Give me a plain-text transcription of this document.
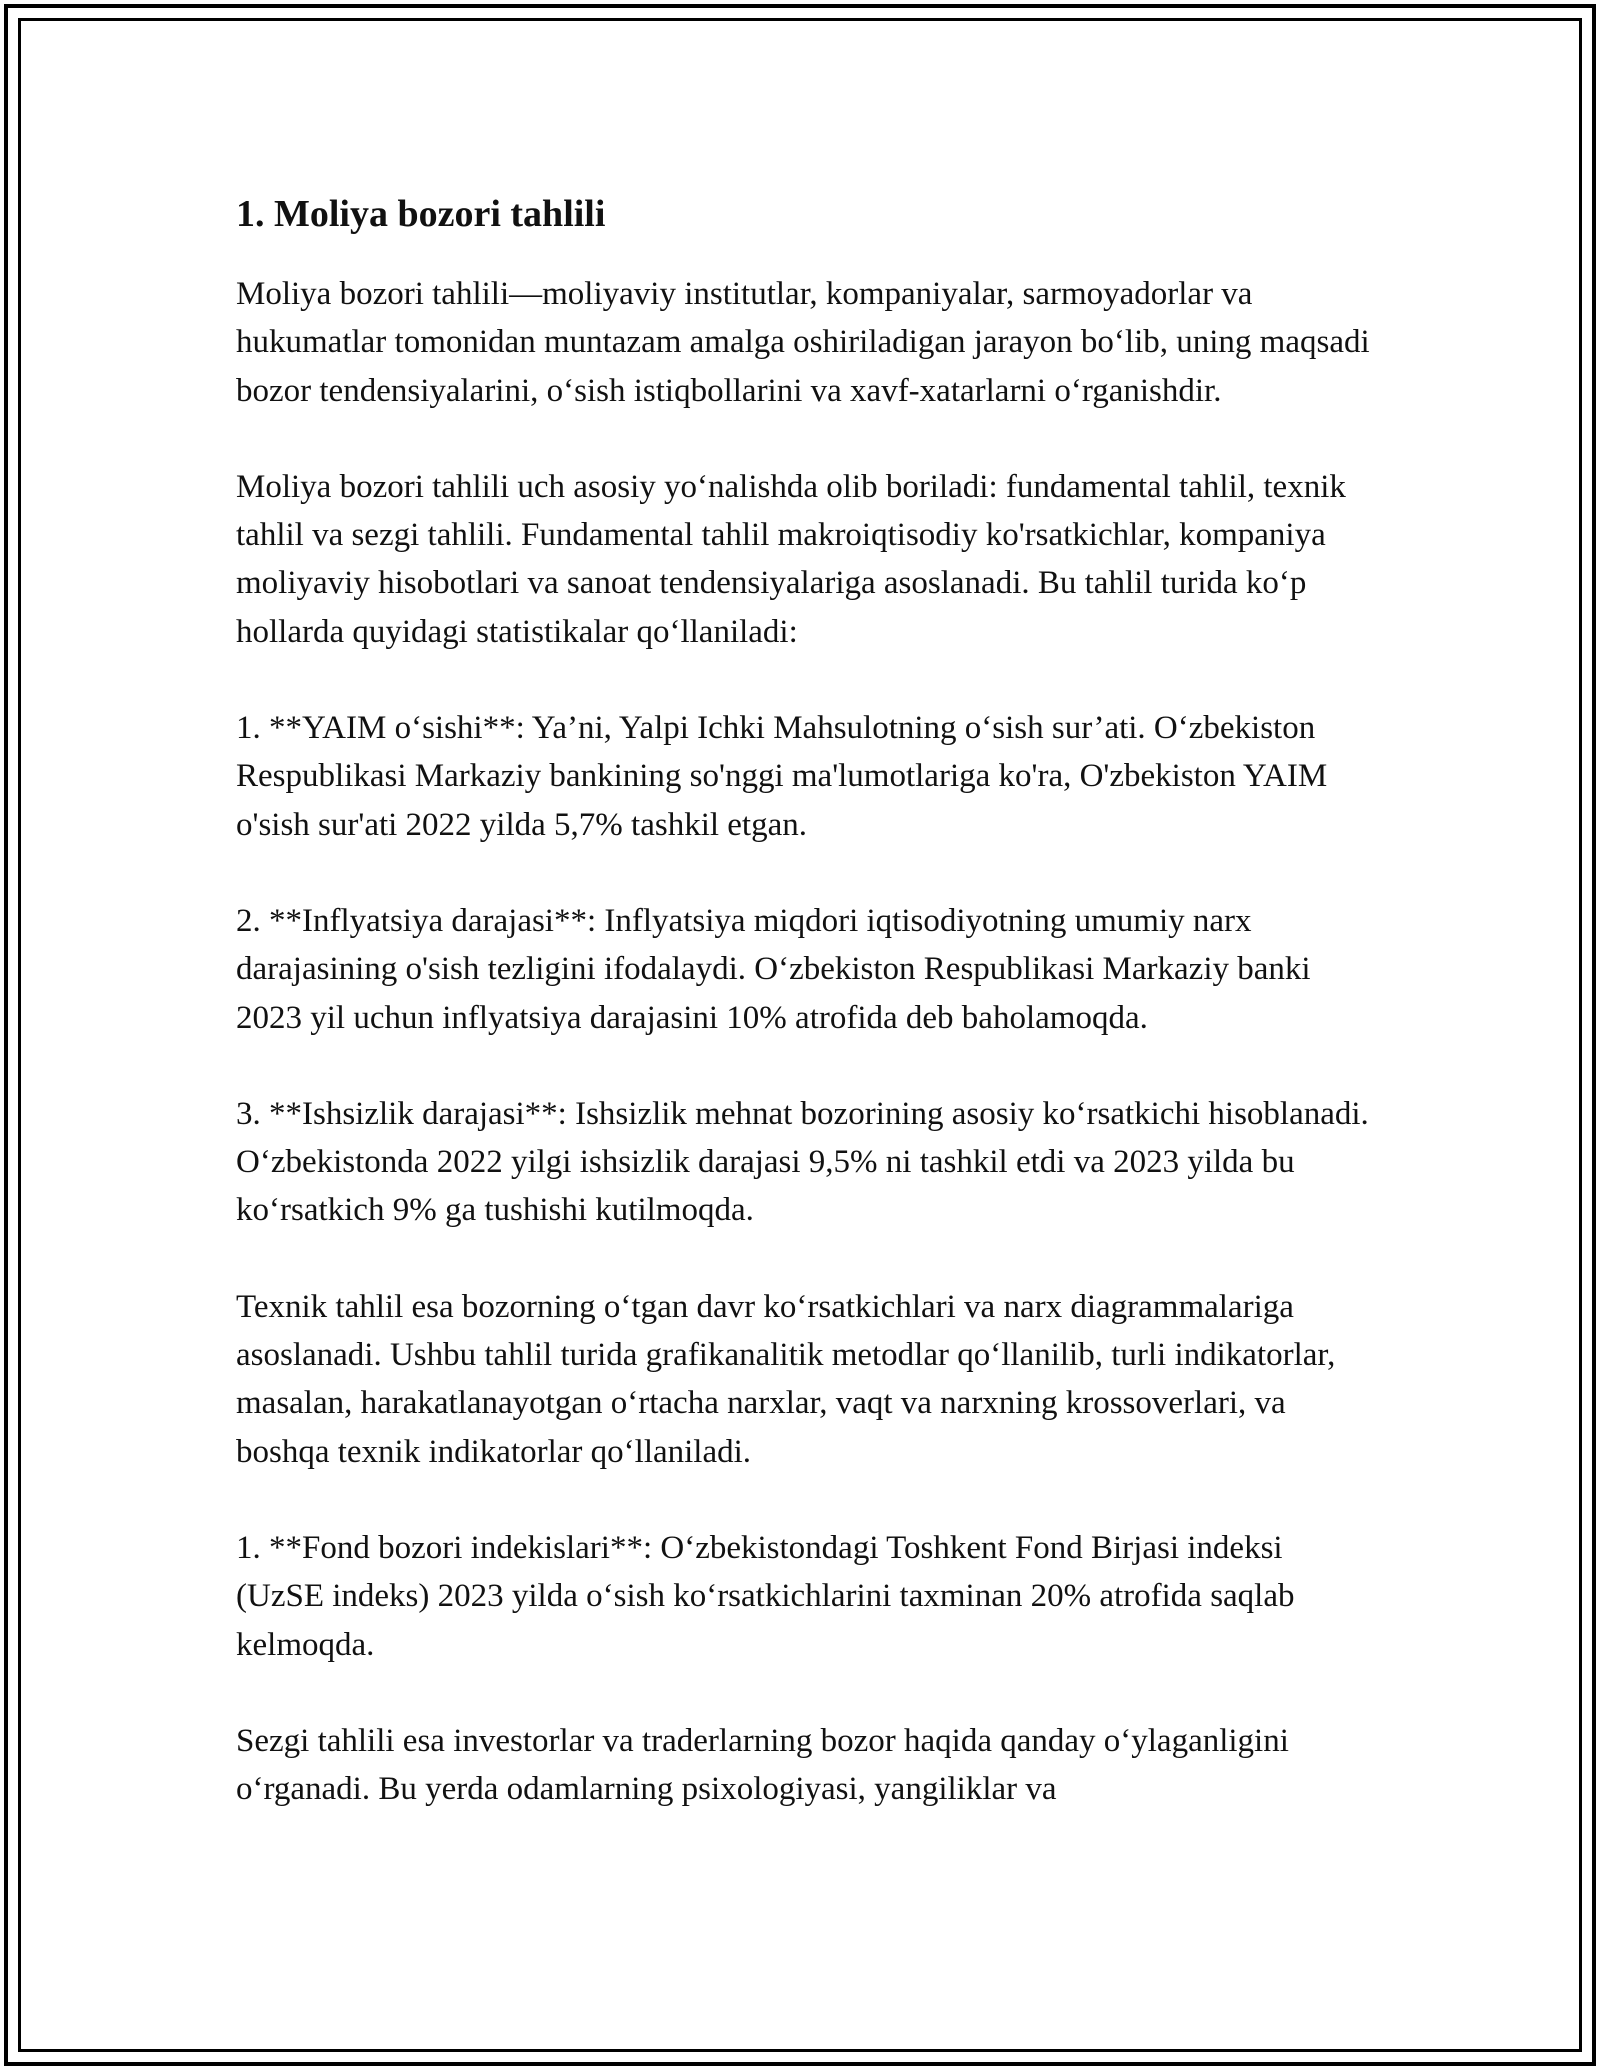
1. Moliya bozori tahlili

Moliya bozori tahlili—moliyaviy institutlar, kompaniyalar, sarmoyadorlar va hukumatlar tomonidan muntazam amalga oshiriladigan jarayon bo‘lib, uning maqsadi bozor tendensiyalarini, o‘sish istiqbollarini va xavf-xatarlarni o‘rganishdir.

Moliya bozori tahlili uch asosiy yo‘nalishda olib boriladi: fundamental tahlil, texnik tahlil va sezgi tahlili. Fundamental tahlil makroiqtisodiy ko'rsatkichlar, kompaniya moliyaviy hisobotlari va sanoat tendensiyalariga asoslanadi. Bu tahlil turida ko‘p hollarda quyidagi statistikalar qo‘llaniladi:

1. **YAIM o‘sishi**: Ya’ni, Yalpi Ichki Mahsulotning o‘sish sur’ati. O‘zbekiston Respublikasi Markaziy bankining so'nggi ma'lumotlariga ko'ra, O'zbekiston YAIM o'sish sur'ati 2022 yilda 5,7% tashkil etgan.

2. **Inflyatsiya darajasi**: Inflyatsiya miqdori iqtisodiyotning umumiy narx darajasining o'sish tezligini ifodalaydi. O‘zbekiston Respublikasi Markaziy banki 2023 yil uchun inflyatsiya darajasini 10% atrofida deb baholamoqda.

3. **Ishsizlik darajasi**: Ishsizlik mehnat bozorining asosiy ko‘rsatkichi hisoblanadi. O‘zbekistonda 2022 yilgi ishsizlik darajasi 9,5% ni tashkil etdi va 2023 yilda bu ko‘rsatkich 9% ga tushishi kutilmoqda.

Texnik tahlil esa bozorning o‘tgan davr ko‘rsatkichlari va narx diagrammalariga asoslanadi. Ushbu tahlil turida grafikanalitik metodlar qo‘llanilib, turli indikatorlar, masalan, harakatlanayotgan o‘rtacha narxlar, vaqt va narxning krossoverlari, va boshqa texnik indikatorlar qo‘llaniladi.

1. **Fond bozori indekislari**: O‘zbekistondagi Toshkent Fond Birjasi indeksi (UzSE indeks) 2023 yilda o‘sish ko‘rsatkichlarini taxminan 20% atrofida saqlab kelmoqda.

Sezgi tahlili esa investorlar va traderlarning bozor haqida qanday o‘ylaganligini o‘rganadi. Bu yerda odamlarning psixologiyasi, yangiliklar va
